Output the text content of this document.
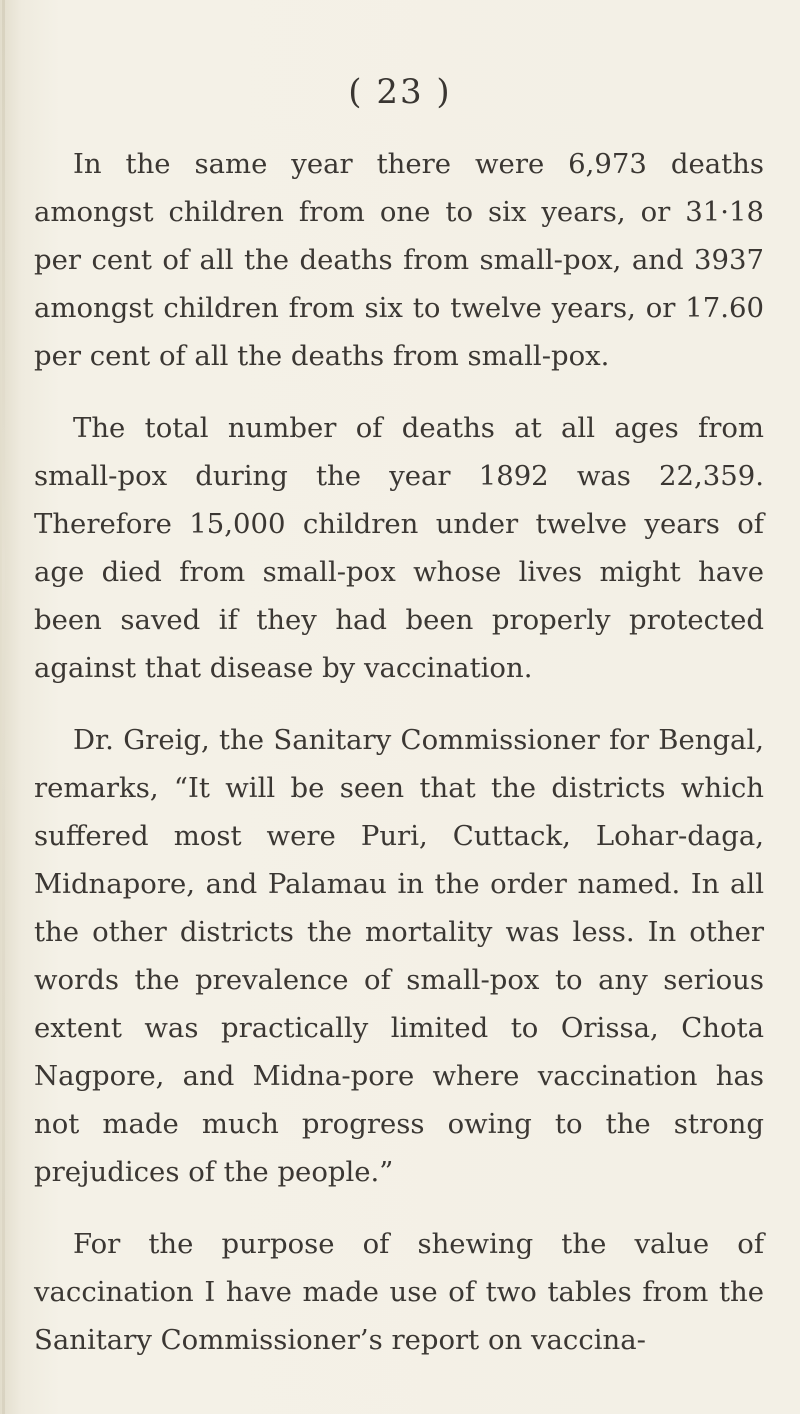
( 23 )

In the same year there were 6,973 deaths amongst children from one to six years, or 31·18 per cent of all the deaths from small-pox, and 3937 amongst children from six to twelve years, or 17.60 per cent of all the deaths from small-pox.

The total number of deaths at all ages from small-pox during the year 1892 was 22,359. Therefore 15,000 children under twelve years of age died from small-pox whose lives might have been saved if they had been properly protected against that disease by vaccination.

Dr. Greig, the Sanitary Commissioner for Bengal, remarks, “It will be seen that the districts which suffered most were Puri, Cuttack, Lohar-daga, Midnapore, and Palamau in the order named. In all the other districts the mortality was less. In other words the prevalence of small-pox to any serious extent was practically limited to Orissa, Chota Nagpore, and Midna-pore where vaccination has not made much progress owing to the strong prejudices of the people.”

For the purpose of shewing the value of vaccination I have made use of two tables from the Sanitary Commissioner’s report on vaccina-
